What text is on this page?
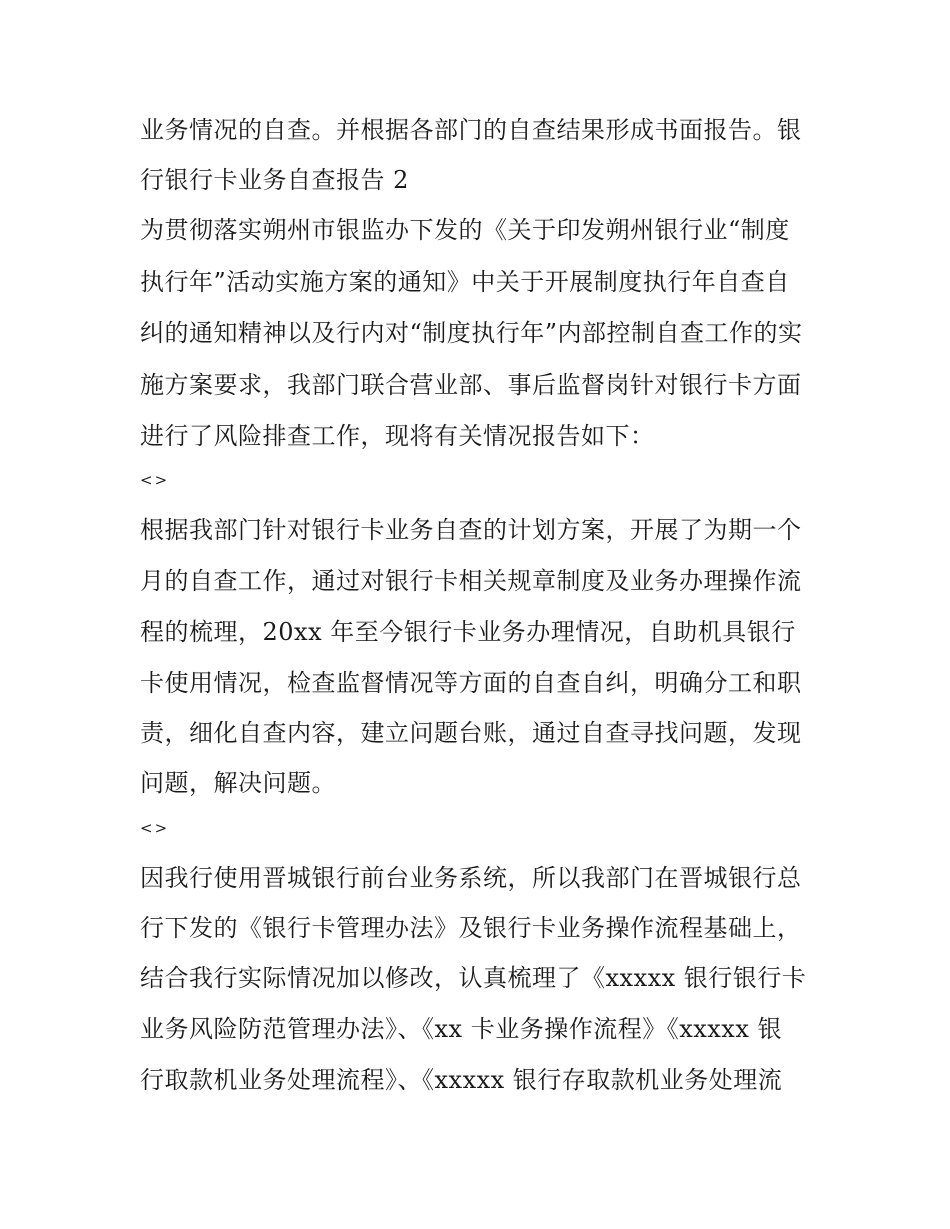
业务情况的自查。并根据各部门的自查结果形成书面报告。银
行银行卡业务自查报告 2
为贯彻落实朔州市银监办下发的《关于印发朔州银行业“制度
执行年”活动实施方案的通知》中关于开展制度执行年自查自
纠的通知精神以及行内对“制度执行年”内部控制自查工作的实
施方案要求，我部门联合营业部、事后监督岗针对银行卡方面
进行了风险排查工作，现将有关情况报告如下：
<>
根据我部门针对银行卡业务自查的计划方案，开展了为期一个
月的自查工作，通过对银行卡相关规章制度及业务办理操作流
程的梳理，20xx 年至今银行卡业务办理情况，自助机具银行
卡使用情况，检查监督情况等方面的自查自纠，明确分工和职
责，细化自查内容，建立问题台账，通过自查寻找问题，发现
问题，解决问题。
<>
因我行使用晋城银行前台业务系统，所以我部门在晋城银行总
行下发的《银行卡管理办法》及银行卡业务操作流程基础上，
结合我行实际情况加以修改，认真梳理了《xxxxx 银行银行卡
业务风险防范管理办法》、《xx 卡业务操作流程》《xxxxx 银
行取款机业务处理流程》、《xxxxx 银行存取款机业务处理流
